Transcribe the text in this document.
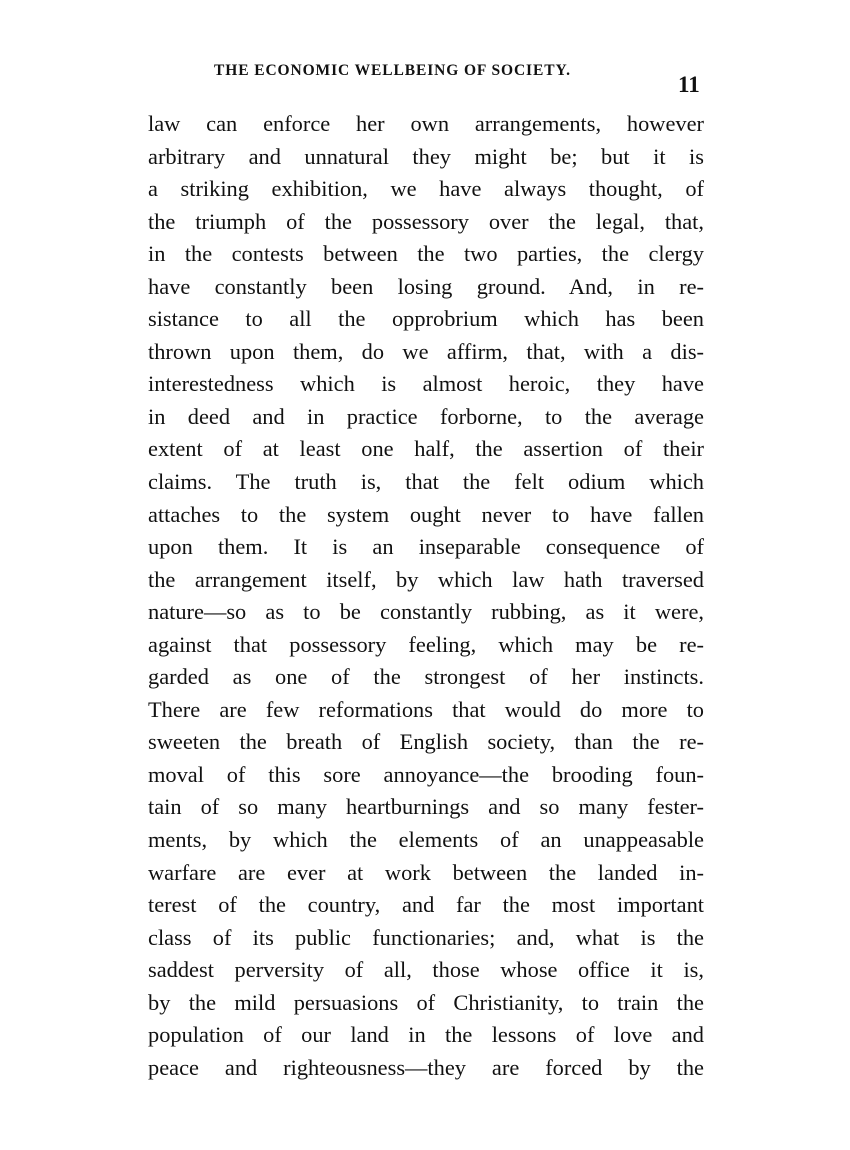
THE ECONOMIC WELLBEING OF SOCIETY.
11
law can enforce her own arrangements, however
arbitrary and unnatural they might be; but it is
a striking exhibition, we have always thought, of
the triumph of the possessory over the legal, that,
in the contests between the two parties, the clergy
have constantly been losing ground. And, in re-
sistance to all the opprobrium which has been
thrown upon them, do we affirm, that, with a dis-
interestedness which is almost heroic, they have
in deed and in practice forborne, to the average
extent of at least one half, the assertion of their
claims. The truth is, that the felt odium which
attaches to the system ought never to have fallen
upon them. It is an inseparable consequence of
the arrangement itself, by which law hath traversed
nature—so as to be constantly rubbing, as it were,
against that possessory feeling, which may be re-
garded as one of the strongest of her instincts.
There are few reformations that would do more to
sweeten the breath of English society, than the re-
moval of this sore annoyance—the brooding foun-
tain of so many heartburnings and so many fester-
ments, by which the elements of an unappeasable
warfare are ever at work between the landed in-
terest of the country, and far the most important
class of its public functionaries; and, what is the
saddest perversity of all, those whose office it is,
by the mild persuasions of Christianity, to train the
population of our land in the lessons of love and
peace and righteousness—they are forced by the
